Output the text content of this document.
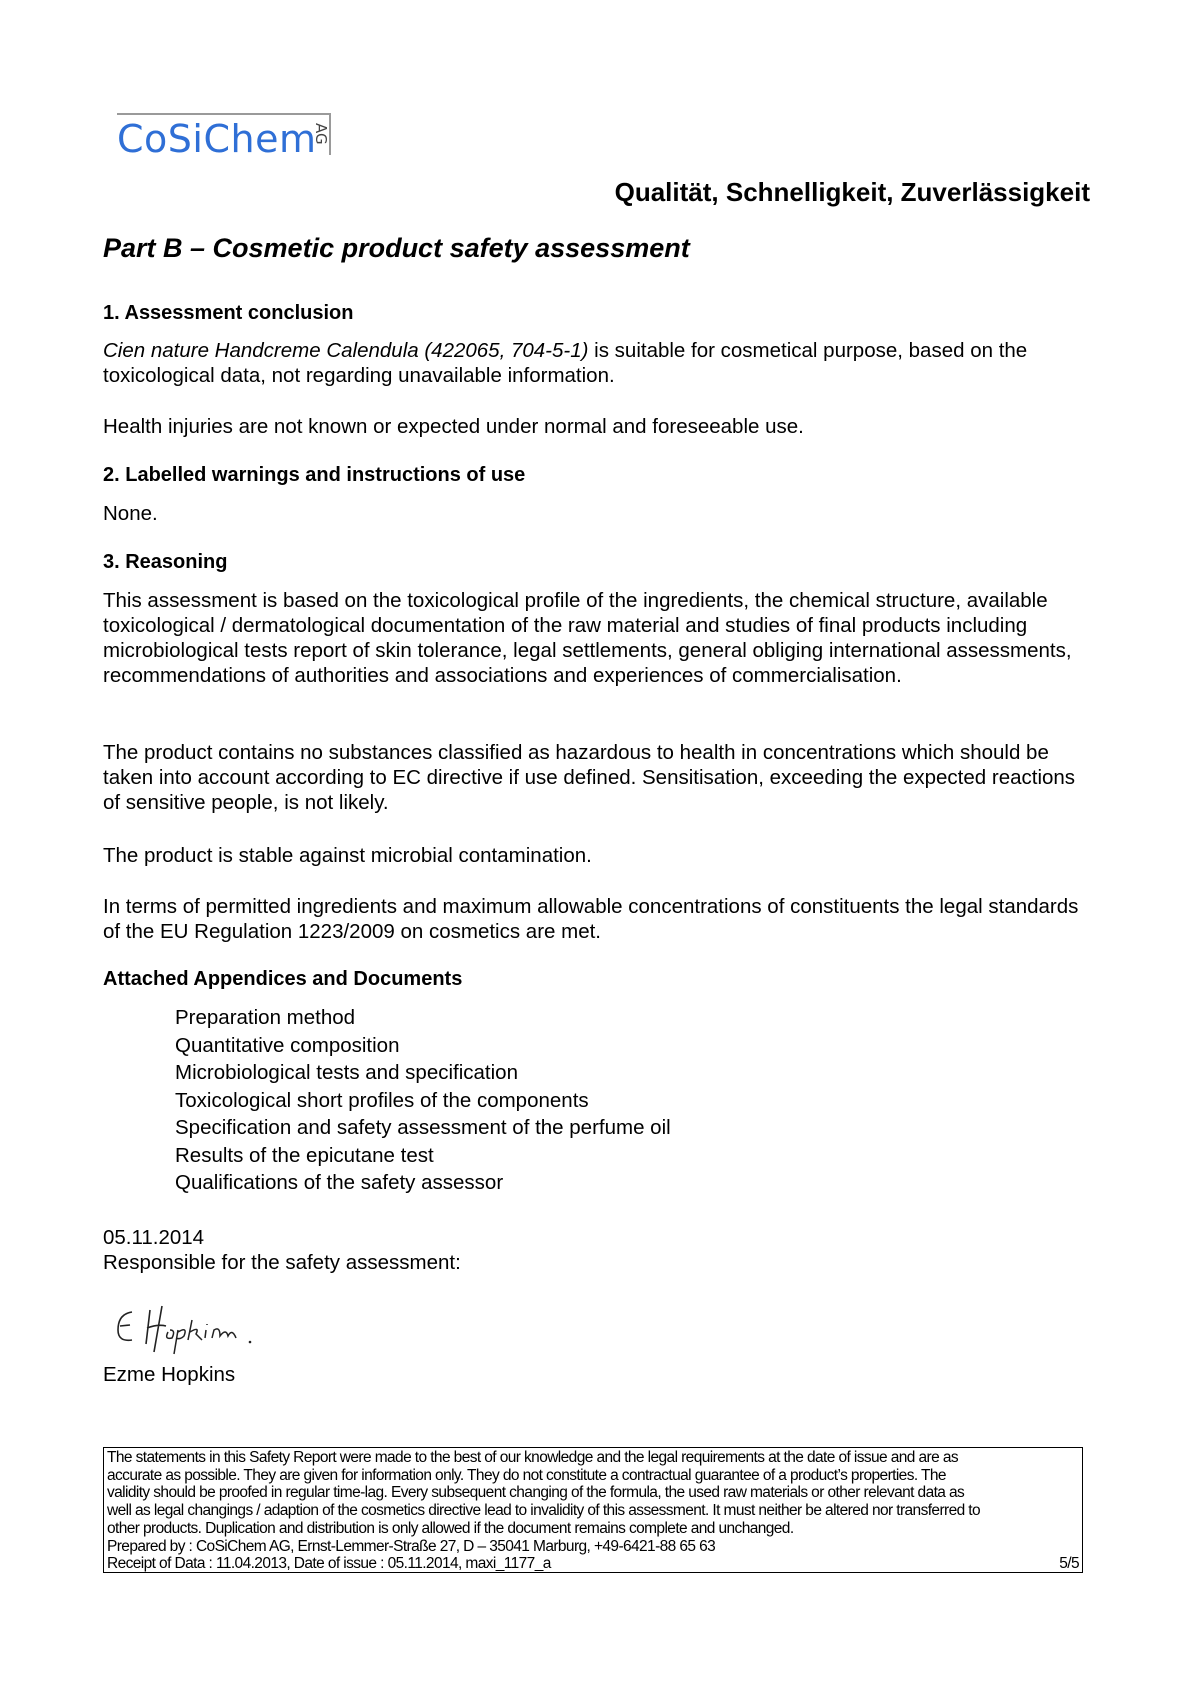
CoSiChem
AG
Qualität, Schnelligkeit, Zuverlässigkeit
Part B – Cosmetic product safety assessment
1. Assessment conclusion
Cien nature Handcreme Calendula (422065, 704-5-1) is suitable for cosmetical purpose, based on the toxicological data, not regarding unavailable information.
Health injuries are not known or expected under normal and foreseeable use.
2. Labelled warnings and instructions of use
None.
3. Reasoning
This assessment is based on the toxicological profile of the ingredients, the chemical structure, available toxicological / dermatological documentation of the raw material and studies of final products including microbiological tests report of skin tolerance, legal settlements, general obliging international assessments, recommendations of authorities and associations and experiences of commercialisation.
The product contains no substances classified as hazardous to health in concentrations which should be taken into account according to EC directive if use defined. Sensitisation, exceeding the expected reactions of sensitive people, is not likely.
The product is stable against microbial contamination.
In terms of permitted ingredients and maximum allowable concentrations of constituents the legal standards of the EU Regulation 1223/2009 on cosmetics are met.
Attached Appendices and Documents
Preparation method
Quantitative composition
Microbiological tests and specification
Toxicological short profiles of the components
Specification and safety assessment of the perfume oil
Results of the epicutane test
Qualifications of the safety assessor
05.11.2014
Responsible for the safety assessment:
Ezme Hopkins
The statements in this Safety Report were made to the best of our knowledge and the legal requirements at the date of issue and are as
accurate as possible. They are given for information only. They do not constitute a contractual guarantee of a product’s properties. The
validity should be proofed in regular time-lag. Every subsequent changing of the formula, the used raw materials or other relevant data as
well as legal changings / adaption of the cosmetics directive lead to invalidity of this assessment. It must neither be altered nor transferred to
other products. Duplication and distribution is only allowed if the document remains complete and unchanged.
Prepared by : CoSiChem AG, Ernst-Lemmer-Straße 27, D – 35041 Marburg, +49-6421-88 65 63
Receipt of Data : 11.04.2013, Date of issue : 05.11.2014, maxi_1177_a	5/5
